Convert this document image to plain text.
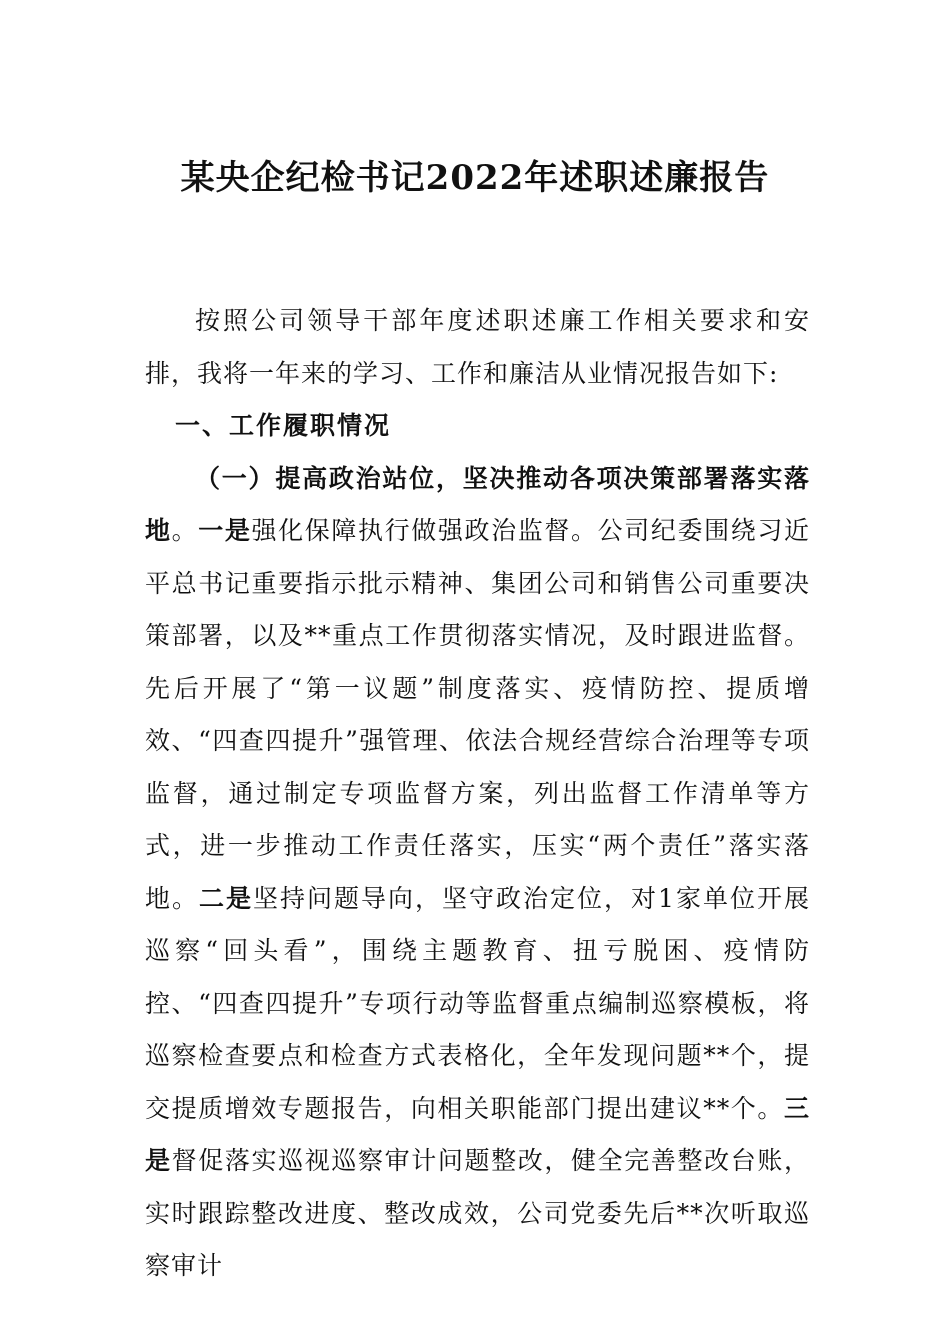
某央企纪检书记2022年述职述廉报告

按照公司领导干部年度述职述廉工作相关要求和安排，我将一年来的学习、工作和廉洁从业情况报告如下:

一、工作履职情况

（一）提高政治站位，坚决推动各项决策部署落实落地。一是强化保障执行做强政治监督。公司纪委围绕习近平总书记重要指示批示精神、集团公司和销售公司重要决策部署，以及**重点工作贯彻落实情况，及时跟进监督。先后开展了“第一议题”制度落实、疫情防控、提质增效、“四查四提升”强管理、依法合规经营综合治理等专项监督，通过制定专项监督方案，列出监督工作清单等方式，进一步推动工作责任落实，压实“两个责任”落实落地。二是坚持问题导向，坚守政治定位，对1家单位开展巡察“回头看”，围绕主题教育、扭亏脱困、疫情防控、“四查四提升”专项行动等监督重点编制巡察模板，将巡察检查要点和检查方式表格化，全年发现问题**个，提交提质增效专题报告，向相关职能部门提出建议**个。三是督促落实巡视巡察审计问题整改，健全完善整改台账，实时跟踪整改进度、整改成效，公司党委先后**次听取巡察审计
